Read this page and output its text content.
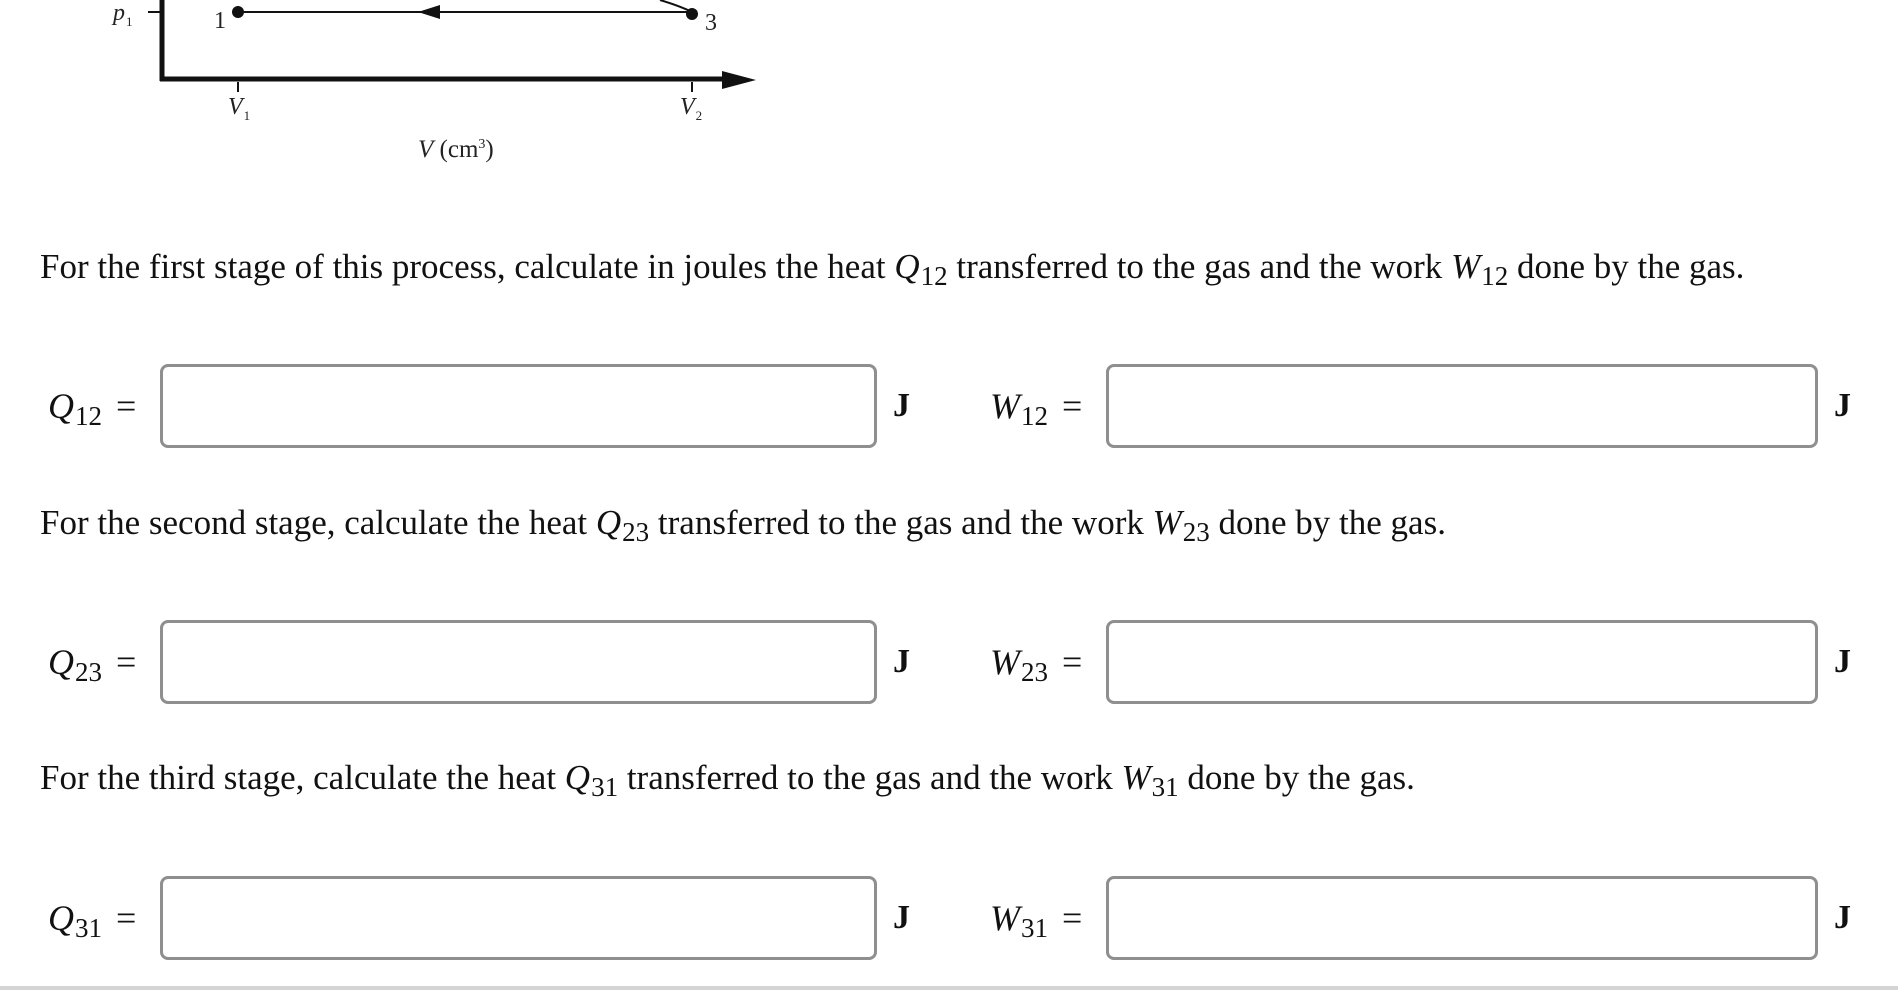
$p_1$	1	3
$V_1$	$V_2$
V $(cm^3)$
For the first stage of this process, calculate in joules the heat $Q_{12}$ transferred to the gas and the work $W_{12}$ done by the gas.
Q12 =	J W12 =	J
For the second stage, calculate the heat $Q_{23}$ transferred to the gas and the work $W_{23}$ done by the gas.
Q23 =	J W23 =	J
For the third stage, calculate the heat $Q_{31}$ transferred to the gas and the work $W_{31}$ done by the gas.
Q31 =	J W31 =	J
